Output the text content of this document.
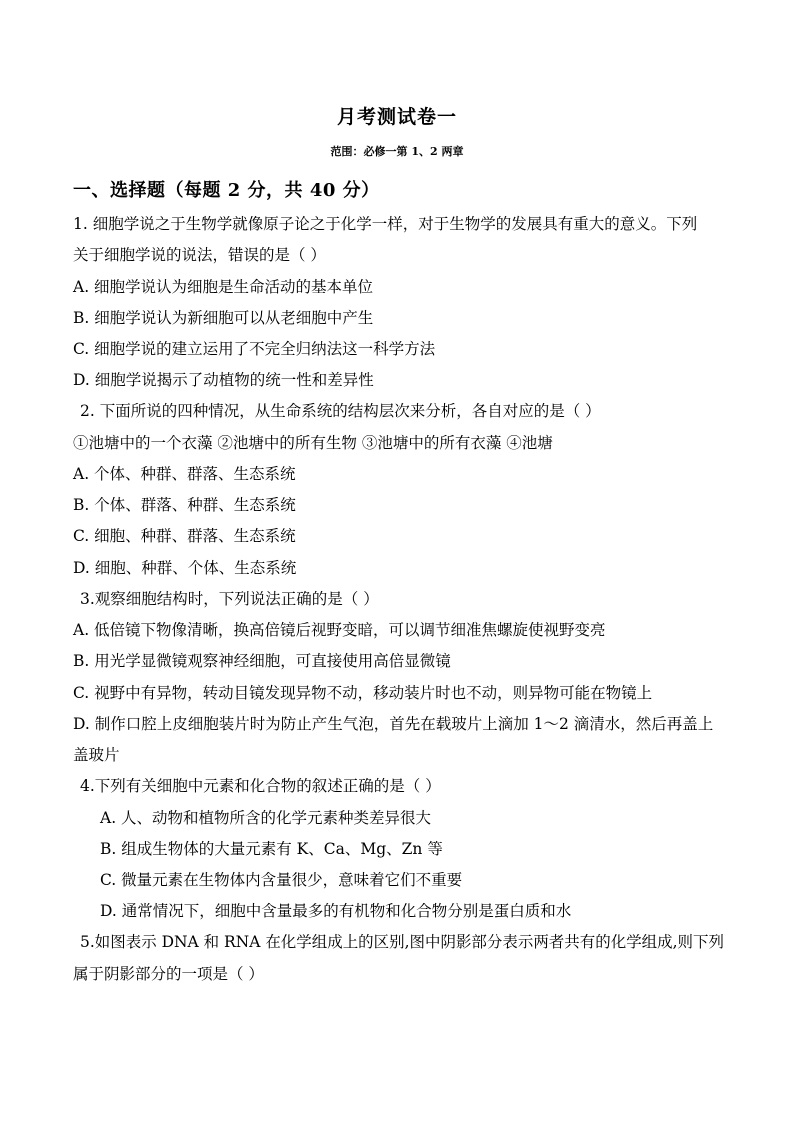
月考测试卷一
范围：必修一第 1、2 两章
一、选择题（每题 2 分，共 40 分）
1. 细胞学说之于生物学就像原子论之于化学一样，对于生物学的发展具有重大的意义。下列
关于细胞学说的说法，错误的是（ ）
A. 细胞学说认为细胞是生命活动的基本单位
B. 细胞学说认为新细胞可以从老细胞中产生
C. 细胞学说的建立运用了不完全归纳法这一科学方法
D. 细胞学说揭示了动植物的统一性和差异性
2. 下面所说的四种情况，从生命系统的结构层次来分析，各自对应的是（ ）
①池塘中的一个衣藻 ②池塘中的所有生物 ③池塘中的所有衣藻 ④池塘
A. 个体、种群、群落、生态系统
B. 个体、群落、种群、生态系统
C. 细胞、种群、群落、生态系统
D. 细胞、种群、个体、生态系统
3.观察细胞结构时，下列说法正确的是（ ）
A. 低倍镜下物像清晰，换高倍镜后视野变暗，可以调节细准焦螺旋使视野变亮
B. 用光学显微镜观察神经细胞，可直接使用高倍显微镜
C. 视野中有异物，转动目镜发现异物不动，移动装片时也不动，则异物可能在物镜上
D. 制作口腔上皮细胞装片时为防止产生气泡，首先在载玻片上滴加 1～2 滴清水，然后再盖上
盖玻片
4.下列有关细胞中元素和化合物的叙述正确的是（ ）
A. 人、动物和植物所含的化学元素种类差异很大
B. 组成生物体的大量元素有 K、Ca、Mg、Zn 等
C. 微量元素在生物体内含量很少，意味着它们不重要
D. 通常情况下，细胞中含量最多的有机物和化合物分别是蛋白质和水
5.如图表示 DNA 和 RNA 在化学组成上的区别,图中阴影部分表示两者共有的化学组成,则下列
属于阴影部分的一项是（ ）
